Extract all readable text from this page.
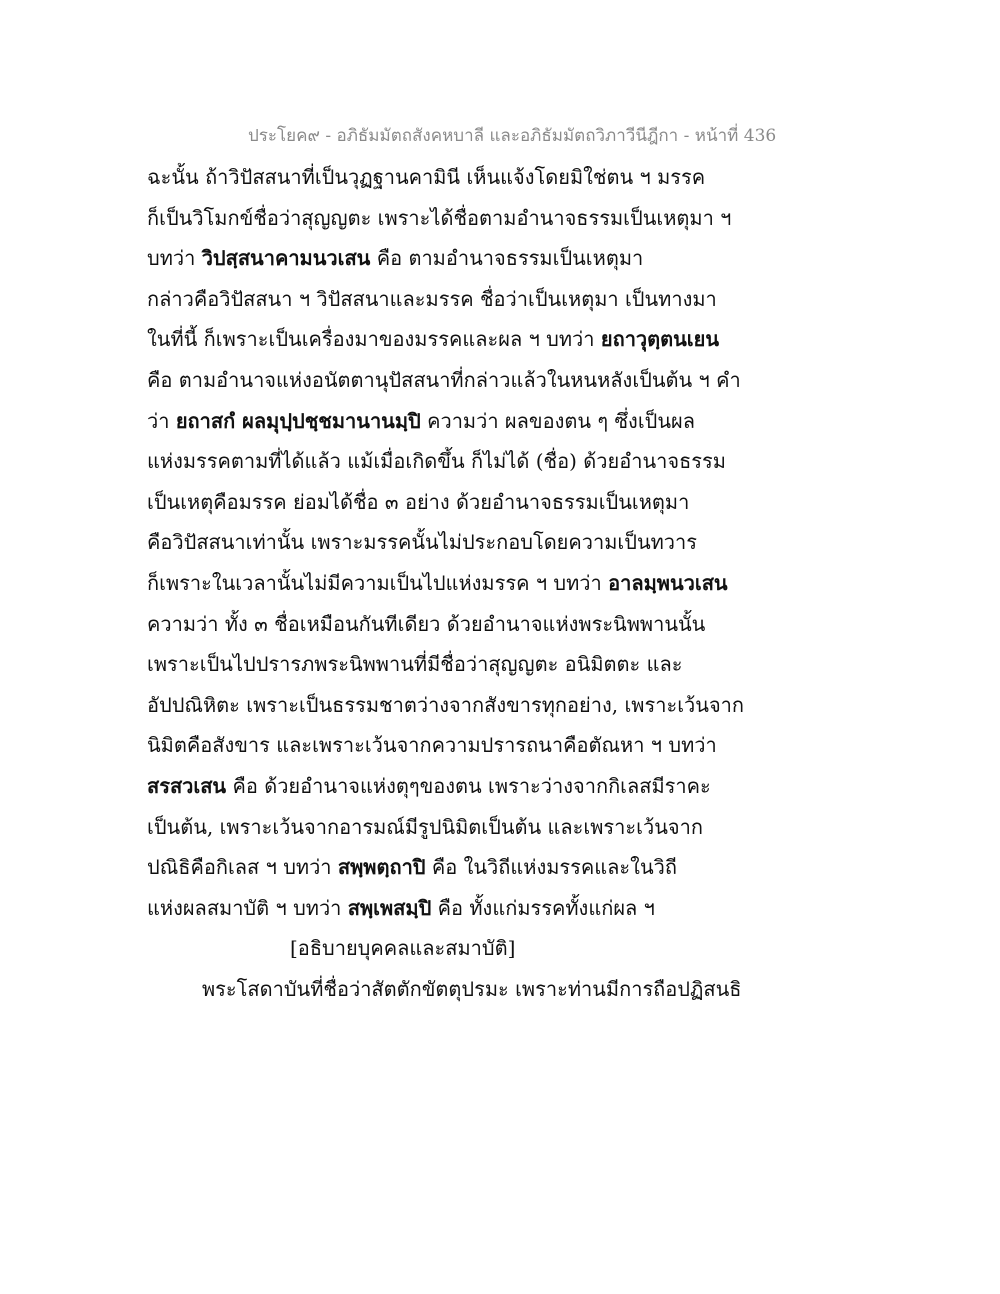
ประโยค๙ - อภิธัมมัตถสังคหบาลี และอภิธัมมัตถวิภาวีนีฎีกา - หน้าที่ 436
ฉะนั้น ถ้าวิปัสสนาที่เป็นวุฏฐานคามินี เห็นแจ้งโดยมิใช่ตน ฯ มรรค
ก็เป็นวิโมกข์ชื่อว่าสุญญตะ เพราะได้ชื่อตามอำนาจธรรมเป็นเหตุมา ฯ
บทว่า วิปสฺสนาคามนวเสน คือ ตามอำนาจธรรมเป็นเหตุมา
กล่าวคือวิปัสสนา ฯ วิปัสสนาและมรรค ชื่อว่าเป็นเหตุมา เป็นทางมา
ในที่นี้ ก็เพราะเป็นเครื่องมาของมรรคและผล ฯ บทว่า ยถาวุตฺตนเยน
คือ ตามอำนาจแห่งอนัตตานุปัสสนาที่กล่าวแล้วในหนหลังเป็นต้น ฯ คำ
ว่า ยถาสกํ ผลมุปฺปชฺชมานานมฺปิ ความว่า ผลของตน ๆ ซึ่งเป็นผล
แห่งมรรคตามที่ได้แล้ว แม้เมื่อเกิดขึ้น ก็ไม่ได้ (ชื่อ) ด้วยอำนาจธรรม
เป็นเหตุคือมรรค ย่อมได้ชื่อ ๓ อย่าง ด้วยอำนาจธรรมเป็นเหตุมา
คือวิปัสสนาเท่านั้น เพราะมรรคนั้นไม่ประกอบโดยความเป็นทวาร
ก็เพราะในเวลานั้นไม่มีความเป็นไปแห่งมรรค ฯ บทว่า อาลมฺพนวเสน
ความว่า ทั้ง ๓ ชื่อเหมือนกันทีเดียว ด้วยอำนาจแห่งพระนิพพานนั้น
เพราะเป็นไปปรารภพระนิพพานที่มีชื่อว่าสุญญตะ อนิมิตตะ และ
อัปปณิหิตะ เพราะเป็นธรรมชาตว่างจากสังขารทุกอย่าง, เพราะเว้นจาก
นิมิตคือสังขาร และเพราะเว้นจากความปรารถนาคือตัณหา ฯ บทว่า
สรสวเสน คือ ด้วยอำนาจแห่งตุๆของตน เพราะว่างจากกิเลสมีราคะ
เป็นต้น, เพราะเว้นจากอารมณ์มีรูปนิมิตเป็นต้น และเพราะเว้นจาก
ปณิธิคือกิเลส ฯ บทว่า สพฺพตฺถาปิ คือ ในวิถีแห่งมรรคและในวิถี
แห่งผลสมาบัติ ฯ บทว่า สพฺเพสมฺปิ คือ ทั้งแก่มรรคทั้งแก่ผล ฯ
[อธิบายบุคคลและสมาบัติ]
พระโสดาบันที่ชื่อว่าสัตตักขัตตุปรมะ เพราะท่านมีการถือปฏิสนธิ
